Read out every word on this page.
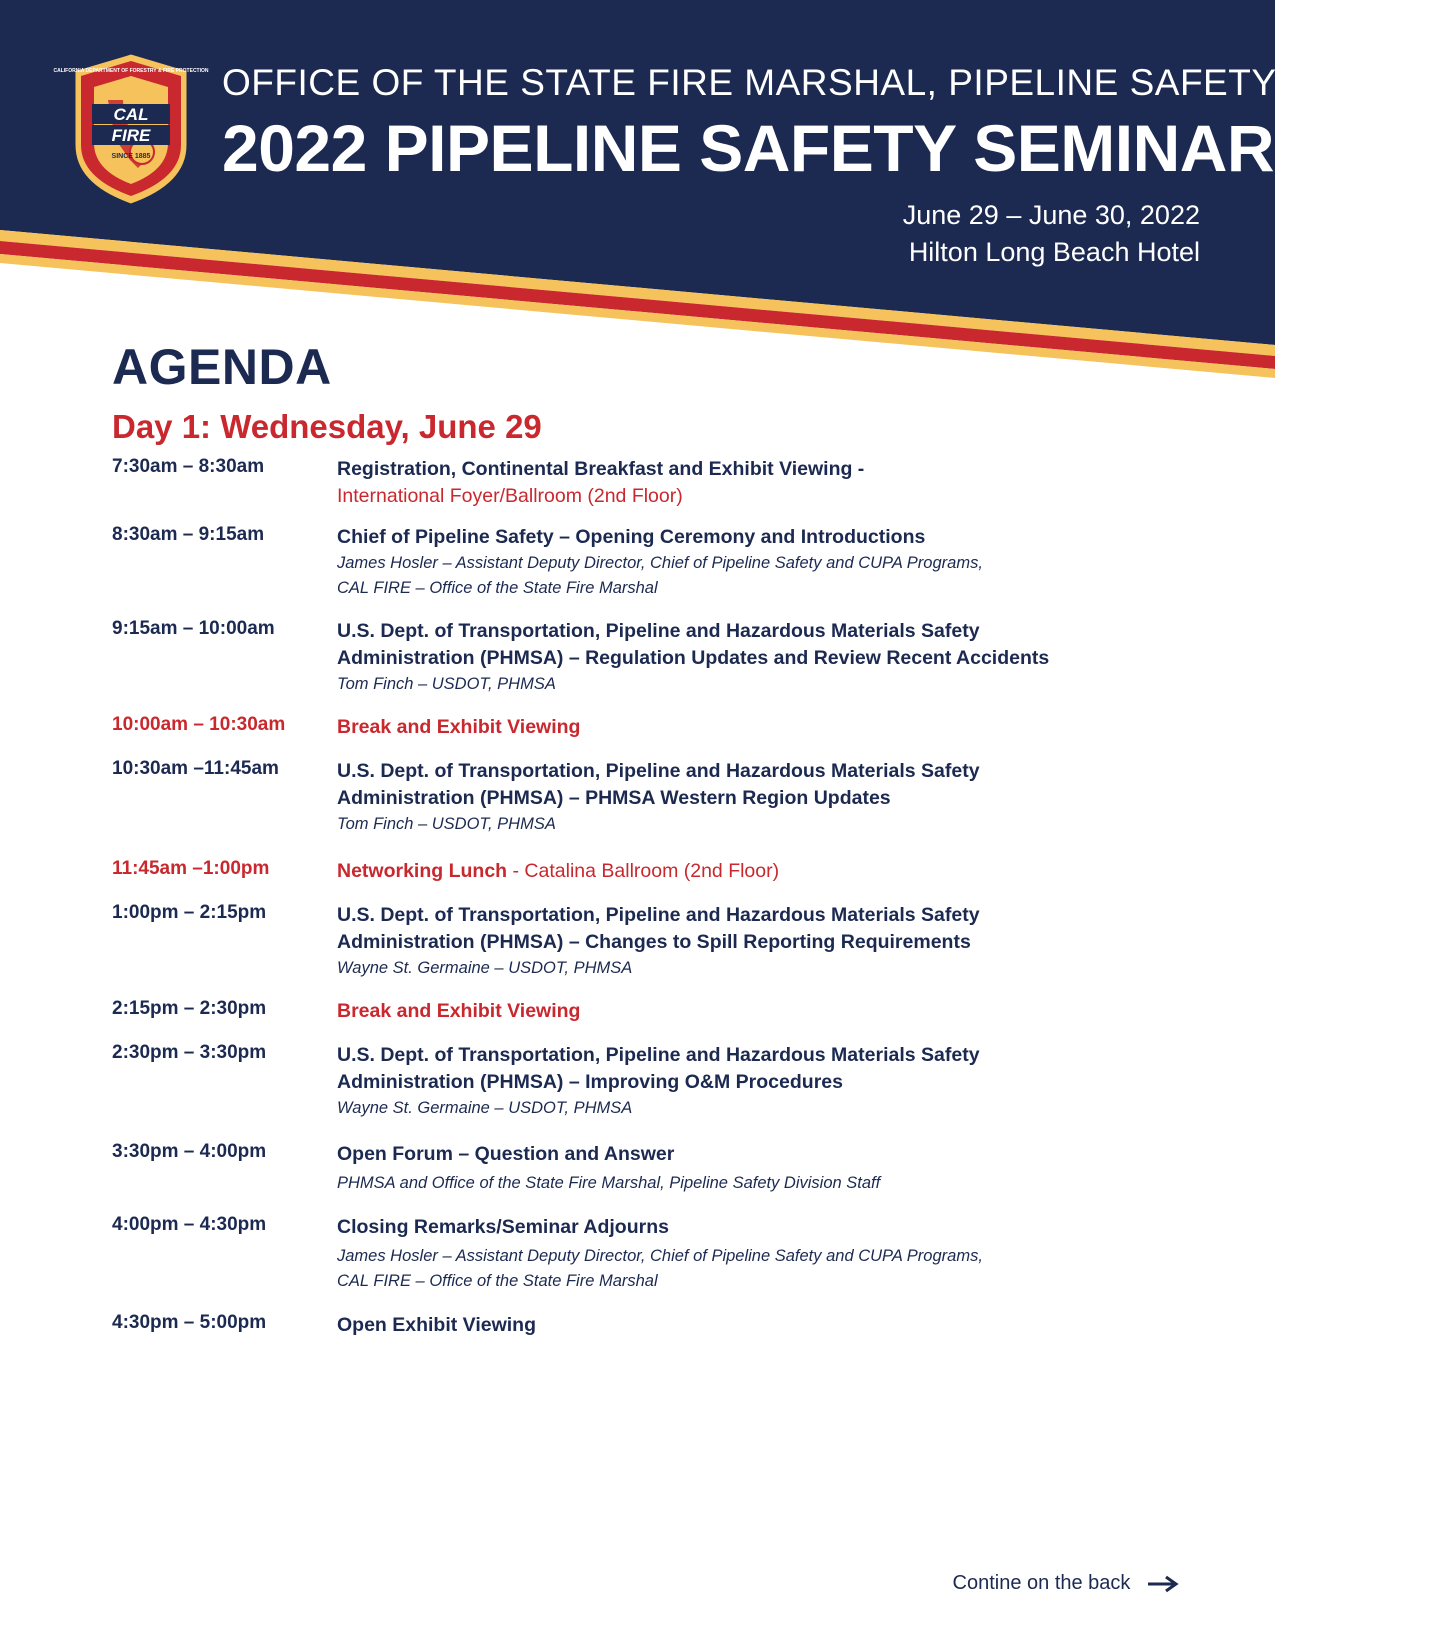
CAL
FIRE
SINCE 1885
CALIFORNIA DEPARTMENT OF FORESTRY & FIRE PROTECTION OFFICE OF THE STATE FIRE MARSHAL, PIPELINE SAFETY DIVISION
2022 PIPELINE SAFETY SEMINAR
June 29 – June 30, 2022
Hilton Long Beach Hotel
AGENDA
Day 1: Wednesday, June 29
7:30am – 8:30am	Registration, Continental Breakfast and Exhibit Viewing -

International Foyer/Ballroom (2nd Floor)

8:30am – 9:15am	Chief of Pipeline Safety – Opening Ceremony and Introductions

James Hosler – Assistant Deputy Director, Chief of Pipeline Safety and CUPA Programs,

CAL FIRE – Office of the State Fire Marshal

9:15am – 10:00am	U.S. Dept. of Transportation, Pipeline and Hazardous Materials Safety

Administration (PHMSA) – Regulation Updates and Review Recent Accidents

Tom Finch – USDOT, PHMSA

10:00am – 10:30am	Break and Exhibit Viewing

10:30am –11:45am	U.S. Dept. of Transportation, Pipeline and Hazardous Materials Safety

Administration (PHMSA) – PHMSA Western Region Updates

Tom Finch – USDOT, PHMSA

11:45am –1:00pm	Networking Lunch - Catalina Ballroom (2nd Floor)

1:00pm – 2:15pm	U.S. Dept. of Transportation, Pipeline and Hazardous Materials Safety

Administration (PHMSA) – Changes to Spill Reporting Requirements

Wayne St. Germaine – USDOT, PHMSA

2:15pm – 2:30pm	Break and Exhibit Viewing

2:30pm – 3:30pm	U.S. Dept. of Transportation, Pipeline and Hazardous Materials Safety

Administration (PHMSA) – Improving O&M Procedures

Wayne St. Germaine – USDOT, PHMSA

3:30pm – 4:00pm	Open Forum – Question and Answer

PHMSA and Office of the State Fire Marshal, Pipeline Safety Division Staff

4:00pm – 4:30pm	Closing Remarks/Seminar Adjourns

James Hosler – Assistant Deputy Director, Chief of Pipeline Safety and CUPA Programs,

CAL FIRE – Office of the State Fire Marshal

4:30pm – 5:00pm	Open Exhibit Viewing

Contine on the back
